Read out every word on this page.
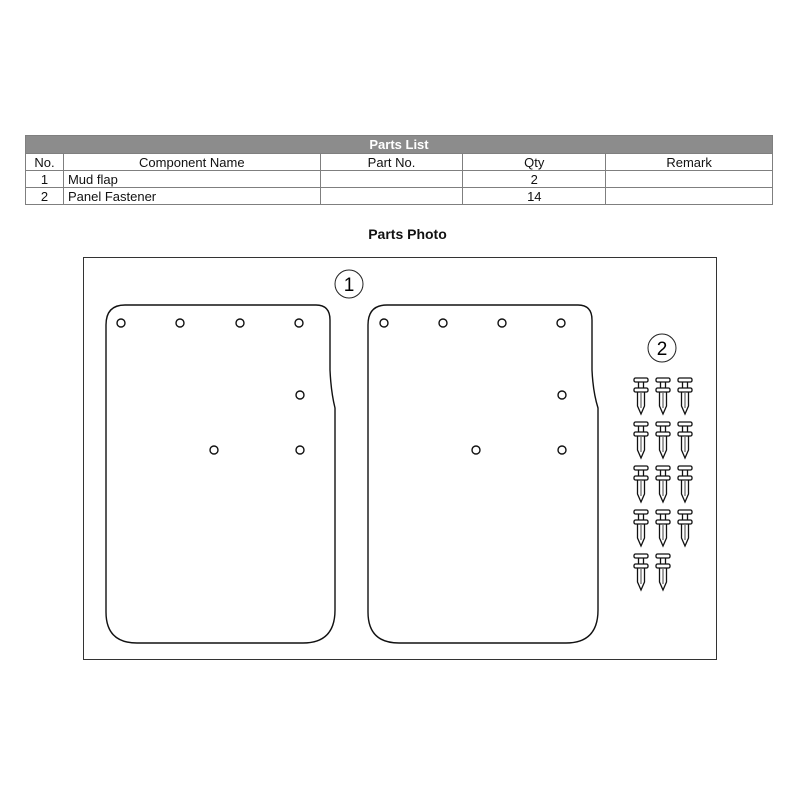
Parts List				
No.	Component Name	Part No.	Qty	Remark
1	Mud flap		2	
2	Panel Fastener		14	
Parts Photo
1
2
